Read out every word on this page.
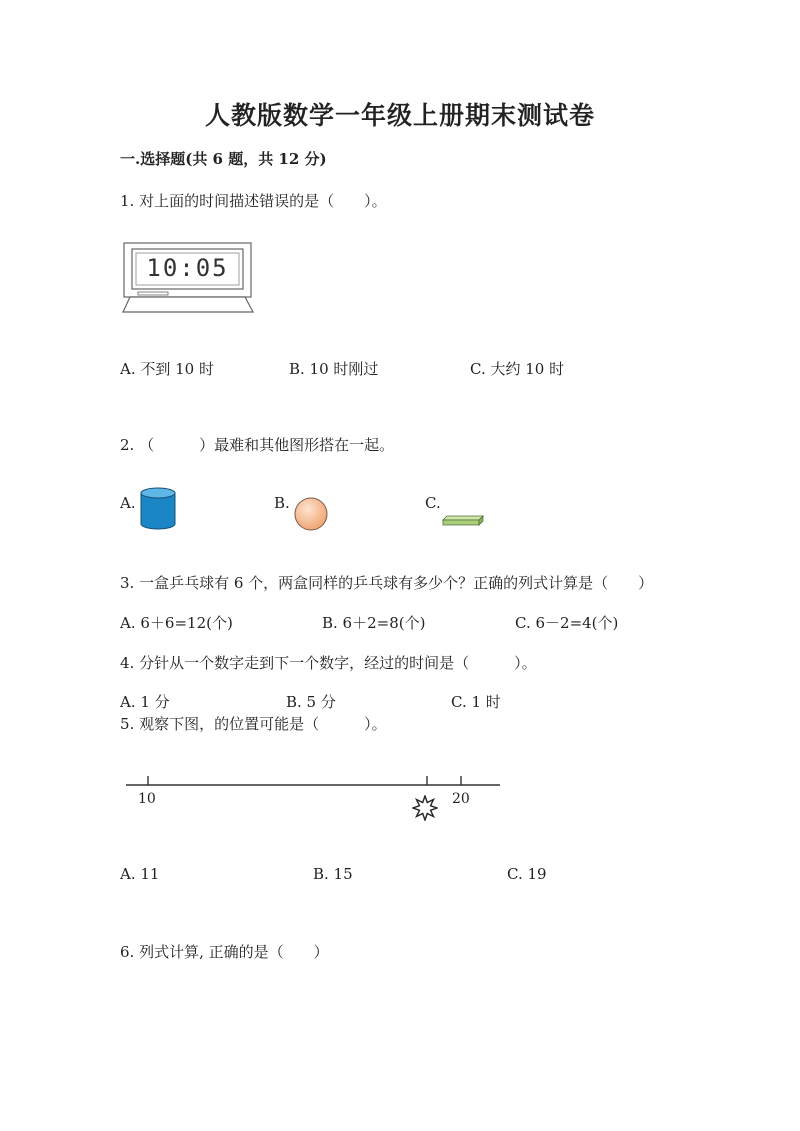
人教版数学一年级上册期末测试卷
一.选择题(共 6 题，共 12 分)
1. 对上面的时间描述错误的是（　　）。
10:05
A. 不到 10 时	B. 10 时刚过	C. 大约 10 时
2. （　　　）最难和其他图形搭在一起。
A.	B.	C.
3. 一盒乒乓球有 6 个，两盒同样的乒乓球有多少个？正确的列式计算是（　　）
A. 6＋6=12(个)	B. 6＋2=8(个)	C. 6－2=4(个)
4. 分针从一个数字走到下一个数字，经过的时间是（　　　）。
A. 1 分	B. 5 分	C. 1 时
5. 观察下图，的位置可能是（　　　）。
10	20
A. 11	B. 15	C. 19
6. 列式计算, 正确的是（　　）
